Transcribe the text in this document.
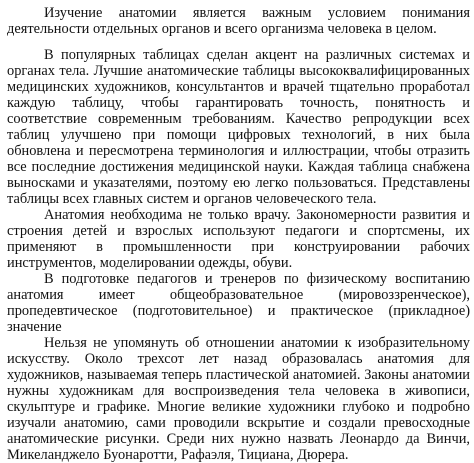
Изучение анатомии является важным условием понимания деятельности отдельных органов и всего организма человека в целом.

В популярных таблицах сделан акцент на различных системах и органах тела. Лучшие анатомические таблицы высококвалифицированных медицинских художников, консультантов и врачей тщательно проработал каждую таблицу, чтобы гарантировать точность, понятность и соответствие современным требованиям. Качество репродукции всех таблиц улучшено при помощи цифровых технологий, в них была обновлена и пересмотрена терминология и иллюстрации, чтобы отразить все последние достижения медицинской науки. Каждая таблица снабжена выносками и указателями, поэтому ею легко пользоваться. Представлены таблицы всех главных систем и органов человеческого тела.

Анатомия необходима не только врачу. Закономерности развития и строения детей и взрослых используют педагоги и спортсмены, их применяют в промышленности при конструировании рабочих инструментов, моделировании одежды, обуви.

В подготовке педагогов и тренеров по физическому воспитанию анатомия имеет общеобразовательное (мировоззренческое), пропедевтическое (подготовительное) и практическое (прикладное) значение

Нельзя не упомянуть об отношении анатомии к изобразительному искусству. Около трехсот лет назад образовалась анатомия для художников, называемая теперь пластической анатомией. Законы анатомии нужны художникам для воспроизведения тела человека в живописи, скульптуре и графике. Многие великие художники глубоко и подробно изучали анатомию, сами проводили вскрытие и создали превосходные анатомические рисунки. Среди них нужно назвать Леонардо да Винчи, Микеланджело Буонаротти, Рафаэля, Тициана, Дюрера.
